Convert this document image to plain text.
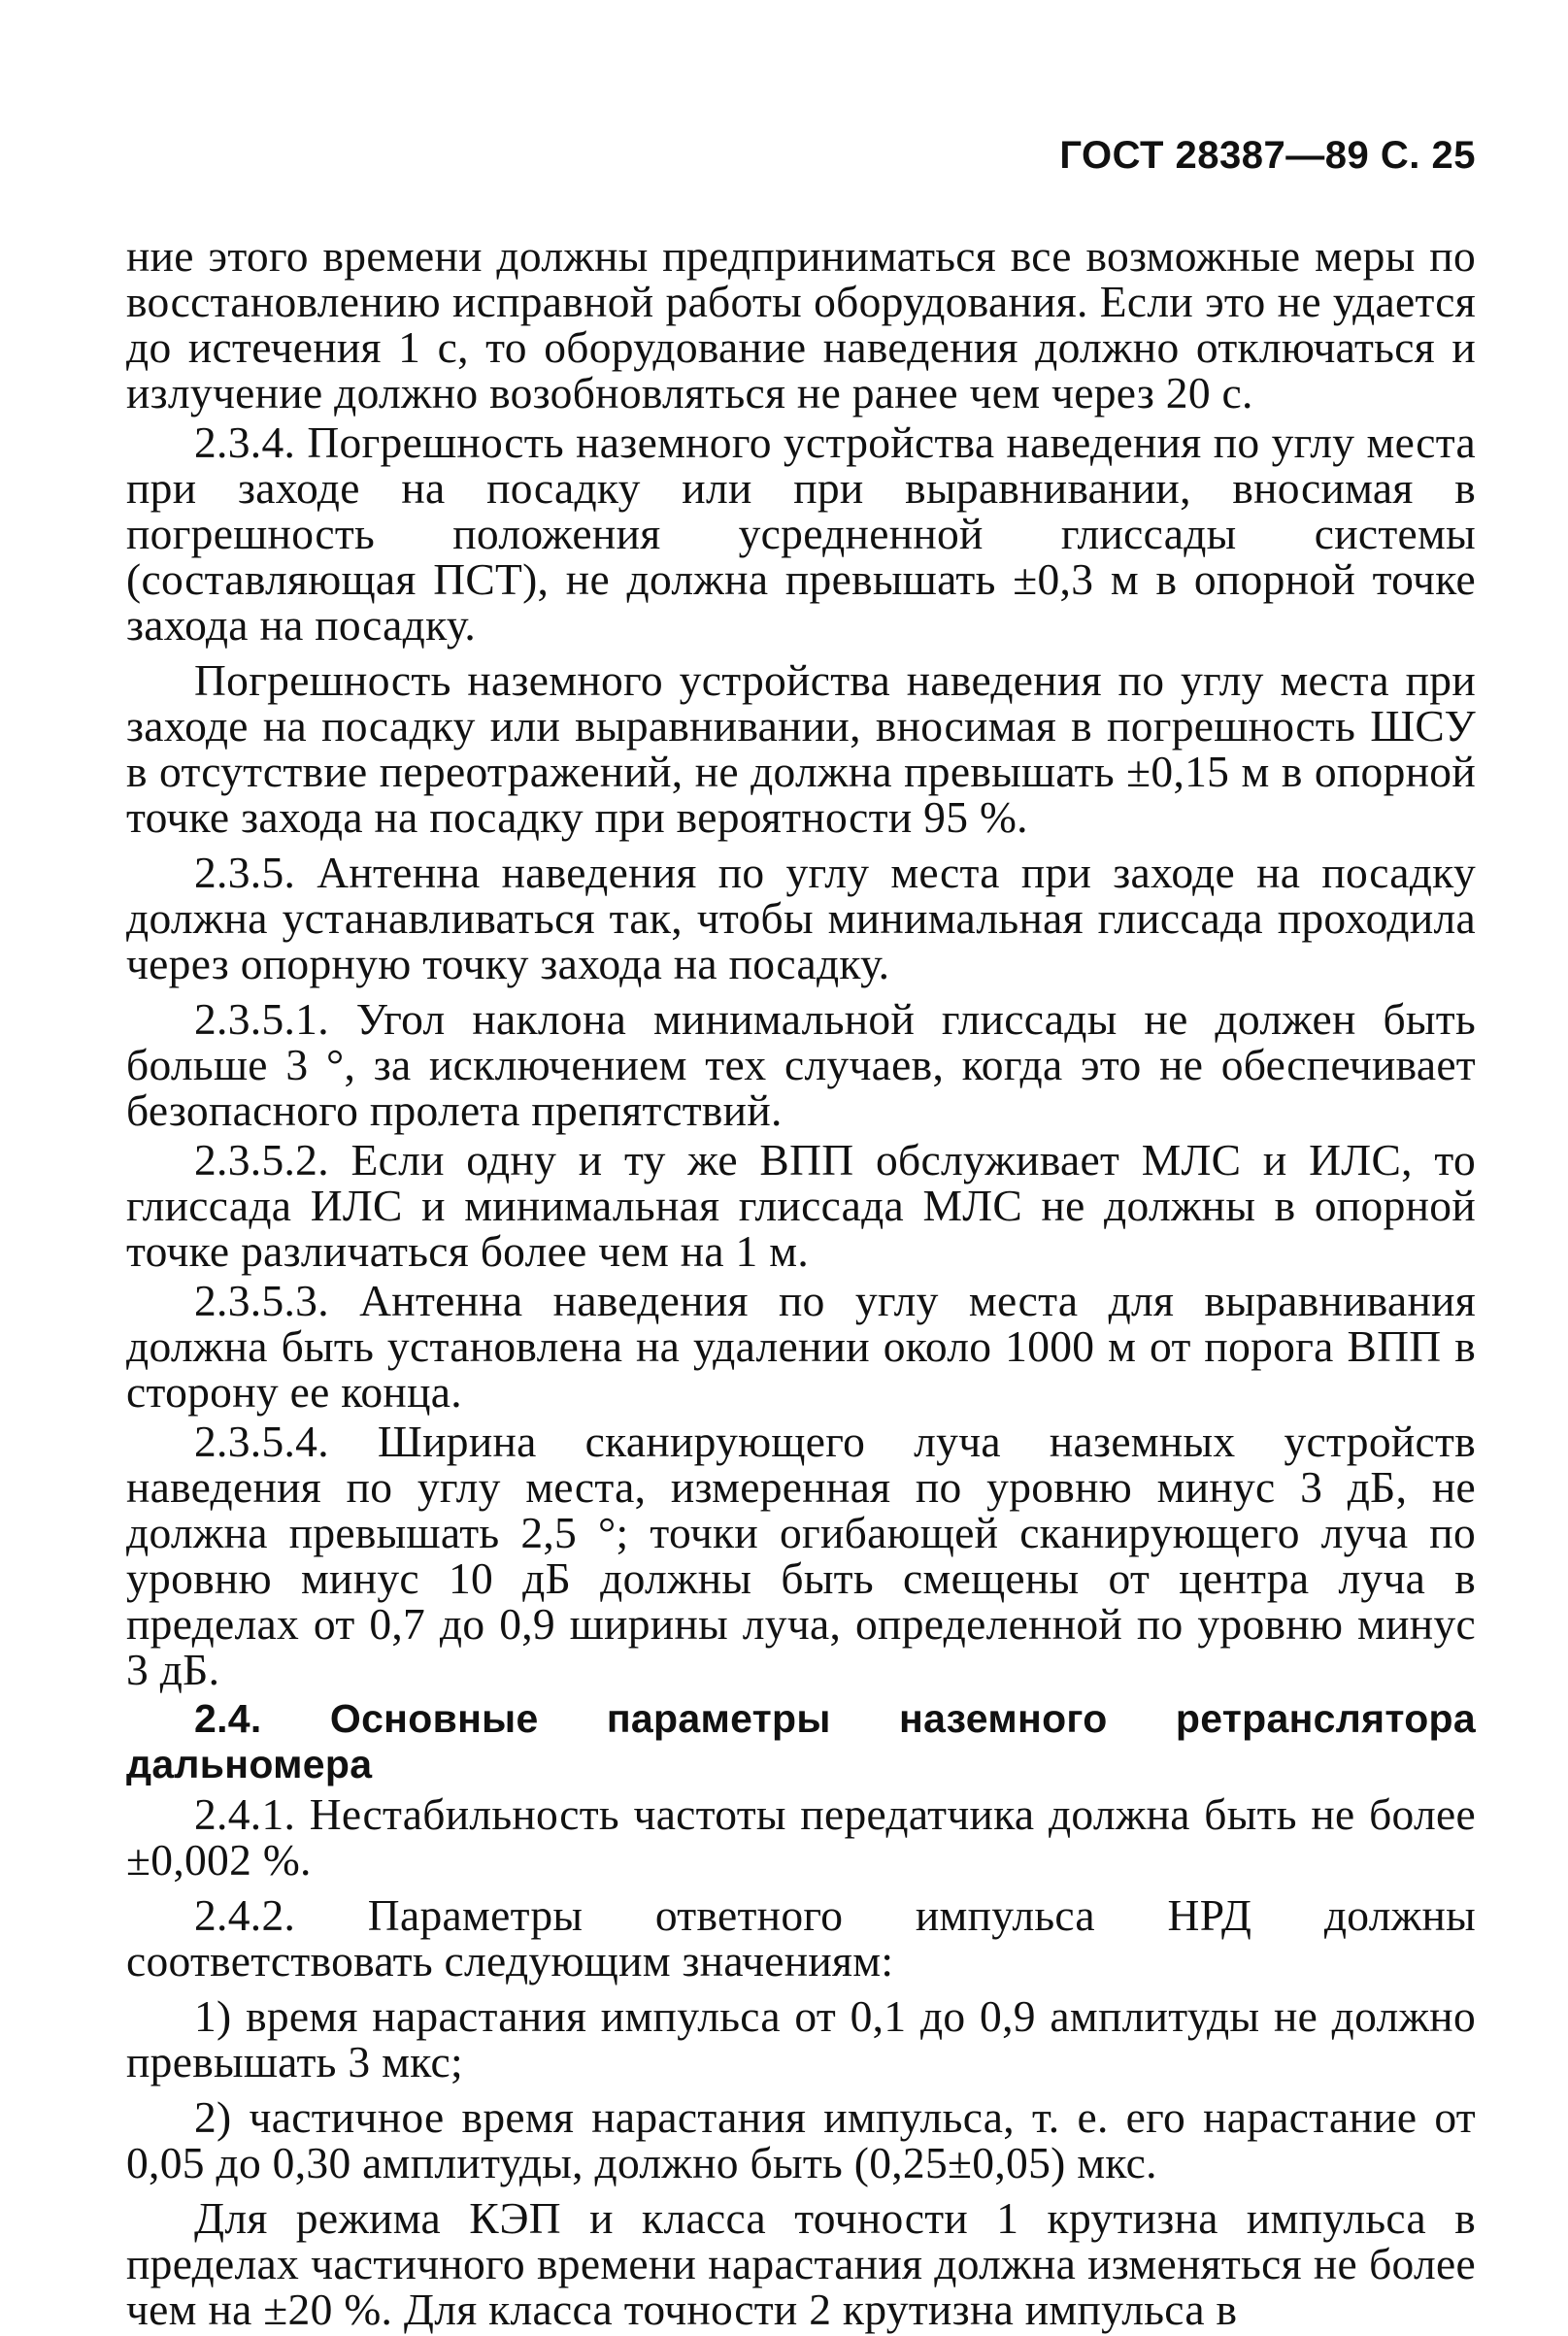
ГОСТ 28387—89 С. 25

ние этого времени должны предприниматься все возможные меры по восстановлению исправной работы оборудования. Если это не удается до истечения 1 с, то оборудование наведения должно отключаться и излучение должно возобновляться не ранее чем через 20 с.

2.3.4. Погрешность наземного устройства наведения по углу места при заходе на посадку или при выравнивании, вносимая в погрешность положения усредненной глиссады системы (составляющая ПСТ), не должна превышать ±0,3 м в опорной точке захода на посадку.

Погрешность наземного устройства наведения по углу места при заходе на посадку или выравнивании, вносимая в погрешность ШСУ в отсутствие переотражений, не должна превышать ±0,15 м в опорной точке захода на посадку при вероятности 95 %.

2.3.5. Антенна наведения по углу места при заходе на посадку должна устанавливаться так, чтобы минимальная глиссада проходила через опорную точку захода на посадку.

2.3.5.1. Угол наклона минимальной глиссады не должен быть больше 3 °, за исключением тех случаев, когда это не обеспечивает безопасного пролета препятствий.

2.3.5.2. Если одну и ту же ВПП обслуживает МЛС и ИЛС, то глиссада ИЛС и минимальная глиссада МЛС не должны в опорной точке различаться более чем на 1 м.

2.3.5.3. Антенна наведения по углу места для выравнивания должна быть установлена на удалении около 1000 м от порога ВПП в сторону ее конца.

2.3.5.4. Ширина сканирующего луча наземных устройств наведения по углу места, измеренная по уровню минус 3 дБ, не должна превышать 2,5 °; точки огибающей сканирующего луча по уровню минус 10 дБ должны быть смещены от центра луча в пределах от 0,7 до 0,9 ширины луча, определенной по уровню минус 3 дБ.

2.4. Основные параметры наземного ретранслятора дальномера

2.4.1. Нестабильность частоты передатчика должна быть не более ±0,002 %.

2.4.2. Параметры ответного импульса НРД должны соответствовать следующим значениям:

1) время нарастания импульса от 0,1 до 0,9 амплитуды не должно превышать 3 мкс;

2) частичное время нарастания импульса, т. е. его нарастание от 0,05 до 0,30 амплитуды, должно быть (0,25±0,05) мкс.

Для режима КЭП и класса точности 1 крутизна импульса в пределах частичного времени нарастания должна изменяться не более чем на ±20 %. Для класса точности 2 крутизна импульса в
